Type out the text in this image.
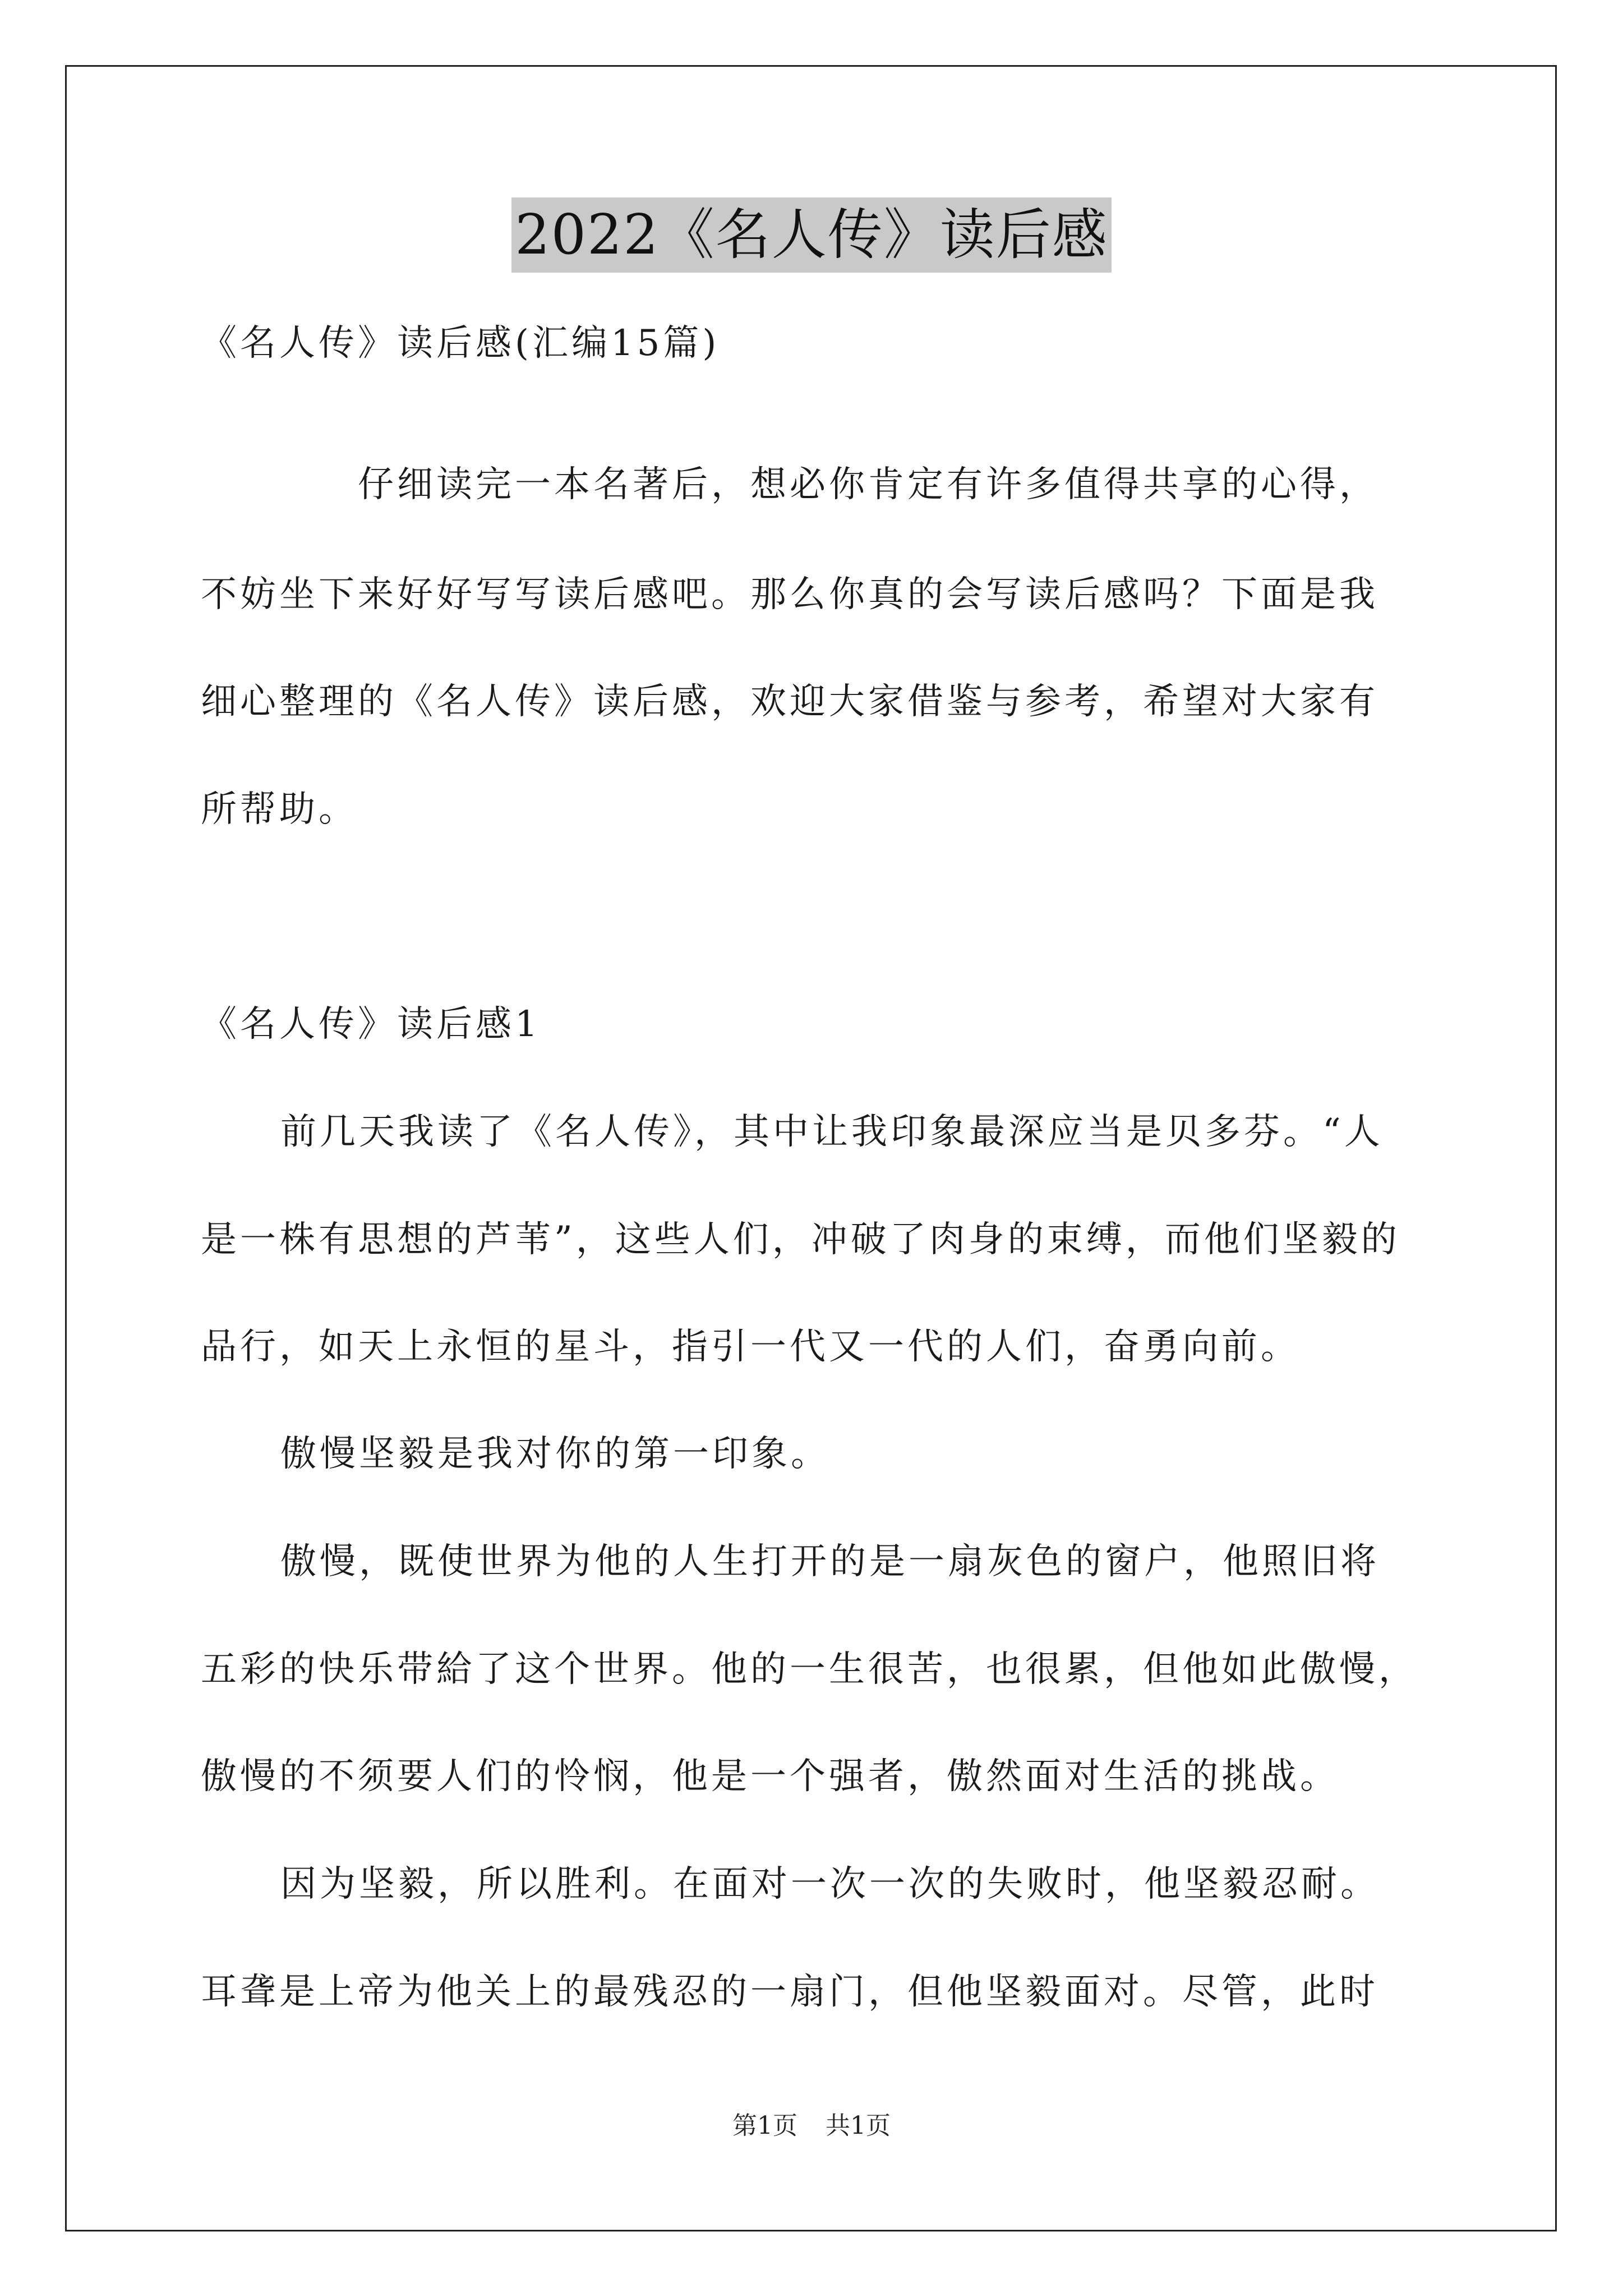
2022《名人传》读后感
《名人传》读后感(汇编15篇)
仔细读完一本名著后，想必你肯定有许多值得共享的心得，
不妨坐下来好好写写读后感吧。那么你真的会写读后感吗？下面是我
细心整理的《名人传》读后感，欢迎大家借鉴与参考，希望对大家有
所帮助。
《名人传》读后感1
前几天我读了《名人传》，其中让我印象最深应当是贝多芬。“人
是一株有思想的芦苇”，这些人们，冲破了肉身的束缚，而他们坚毅的
品行，如天上永恒的星斗，指引一代又一代的人们，奋勇向前。
傲慢坚毅是我对你的第一印象。
傲慢，既使世界为他的人生打开的是一扇灰色的窗户，他照旧将
五彩的快乐带給了这个世界。他的一生很苦，也很累，但他如此傲慢，
傲慢的不须要人们的怜悯，他是一个强者，傲然面对生活的挑战。
因为坚毅，所以胜利。在面对一次一次的失败时，他坚毅忍耐。
耳聋是上帝为他关上的最残忍的一扇门，但他坚毅面对。尽管，此时
第1页 共1页
